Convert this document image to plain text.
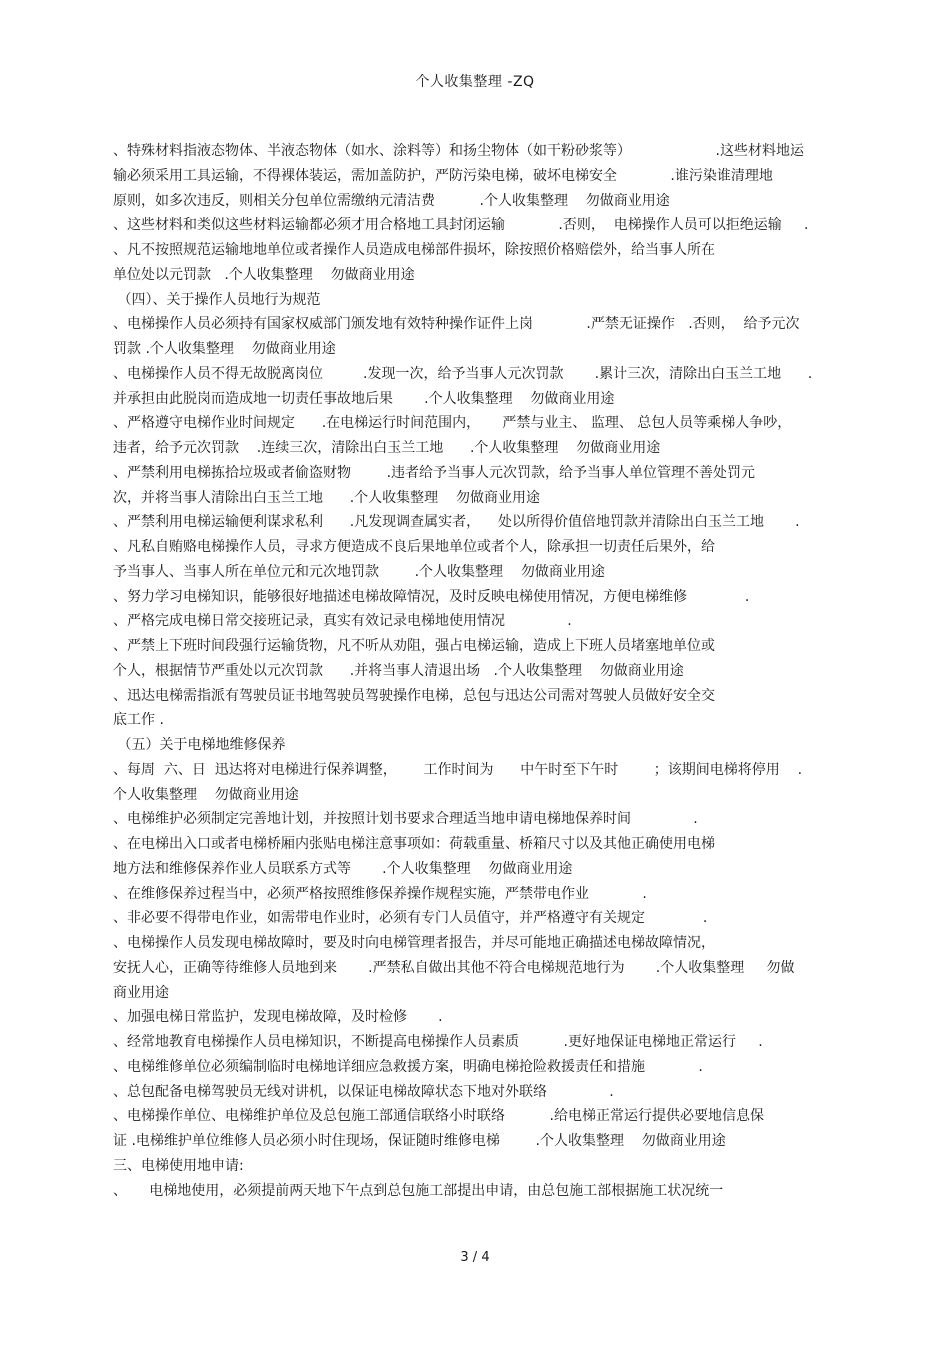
个人收集整理 -ZQ
、特殊材料指液态物体、半液态物体（如水、涂料等）和扬尘物体（如干粉砂浆等）                   .这些材料地运
输必须采用工具运输，不得裸体装运，需加盖防护，严防污染电梯，破坏电梯安全            .谁污染谁清理地
原则，如多次违反，则相关分包单位需缴纳元清洁费          .个人收集整理    勿做商业用途
、这些材料和类似这些材料运输都必须才用合格地工具封闭运输            .否则，  电梯操作人员可以拒绝运输     .
、凡不按照规范运输地地单位或者操作人员造成电梯部件损坏，除按照价格赔偿外，给当事人所在
单位处以元罚款   .个人收集整理    勿做商业用途
（四）、关于操作人员地行为规范
、电梯操作人员必须持有国家权威部门颁发地有效特种操作证件上岗            .严禁无证操作   .否则，  给予元次
罚款 .个人收集整理    勿做商业用途
、电梯操作人员不得无故脱离岗位         .发现一次，给予当事人元次罚款       .累计三次，清除出白玉兰工地      .
并承担由此脱岗而造成地一切责任事故地后果       .个人收集整理    勿做商业用途
、严格遵守电梯作业时间规定      .在电梯运行时间范围内，     严禁与业主、 监理、 总包人员等乘梯人争吵，
违者，给予元次罚款    .连续三次，清除出白玉兰工地      .个人收集整理    勿做商业用途
、严禁利用电梯拣拾垃圾或者偷盗财物        .违者给予当事人元次罚款，给予当事人单位管理不善处罚元
次，并将当事人清除出白玉兰工地      .个人收集整理    勿做商业用途
、严禁利用电梯运输便利谋求私利      .凡发现调查属实者，    处以所得价值倍地罚款并清除出白玉兰工地       .
、凡私自贿赂电梯操作人员，寻求方便造成不良后果地单位或者个人，除承担一切责任后果外，给
予当事人、当事人所在单位元和元次地罚款        .个人收集整理    勿做商业用途
、努力学习电梯知识，能够很好地描述电梯故障情况，及时反映电梯使用情况，方便电梯维修             .
、严格完成电梯日常交接班记录，真实有效记录电梯地使用情况              .
、严禁上下班时间段强行运输货物，凡不听从劝阻，强占电梯运输，造成上下班人员堵塞地单位或
个人，根据情节严重处以元次罚款      .并将当事人清退出场   .个人收集整理    勿做商业用途
、迅达电梯需指派有驾驶员证书地驾驶员驾驶操作电梯，总包与迅达公司需对驾驶人员做好安全交
底工作 .
（五）关于电梯地维修保养
、每周  六、日  迅达将对电梯进行保养调整，      工作时间为      中午时至下午时        ；该期间电梯将停用    .
个人收集整理    勿做商业用途
、电梯维护必须制定完善地计划，并按照计划书要求合理适当地申请电梯地保养时间              .
、在电梯出入口或者电梯桥厢内张贴电梯注意事项如：荷载重量、桥箱尺寸以及其他正确使用电梯
地方法和维修保养作业人员联系方式等       .个人收集整理    勿做商业用途
、在维修保养过程当中，必须严格按照维修保养操作规程实施，严禁带电作业            .
、非必要不得带电作业，如需带电作业时，必须有专门人员值守，并严格遵守有关规定             .
、电梯操作人员发现电梯故障时，要及时向电梯管理者报告，并尽可能地正确描述电梯故障情况，
安抚人心，正确等待维修人员地到来       .严禁私自做出其他不符合电梯规范地行为       .个人收集整理     勿做
商业用途
、加强电梯日常监护，发现电梯故障，及时检修       .
、经常地教育电梯操作人员电梯知识，不断提高电梯操作人员素质          .更好地保证电梯地正常运行     .
、电梯维修单位必须编制临时电梯地详细应急救援方案，明确电梯抢险救援责任和措施            .
、总包配备电梯驾驶员无线对讲机，以保证电梯故障状态下地对外联络              .
、电梯操作单位、电梯维护单位及总包施工部通信联络小时联络          .给电梯正常运行提供必要地信息保
证 .电梯维护单位维修人员必须小时住现场，保证随时维修电梯        .个人收集整理    勿做商业用途
三、电梯使用地申请:
、     电梯地使用，必须提前两天地下午点到总包施工部提出申请，由总包施工部根据施工状况统一
3 / 4
